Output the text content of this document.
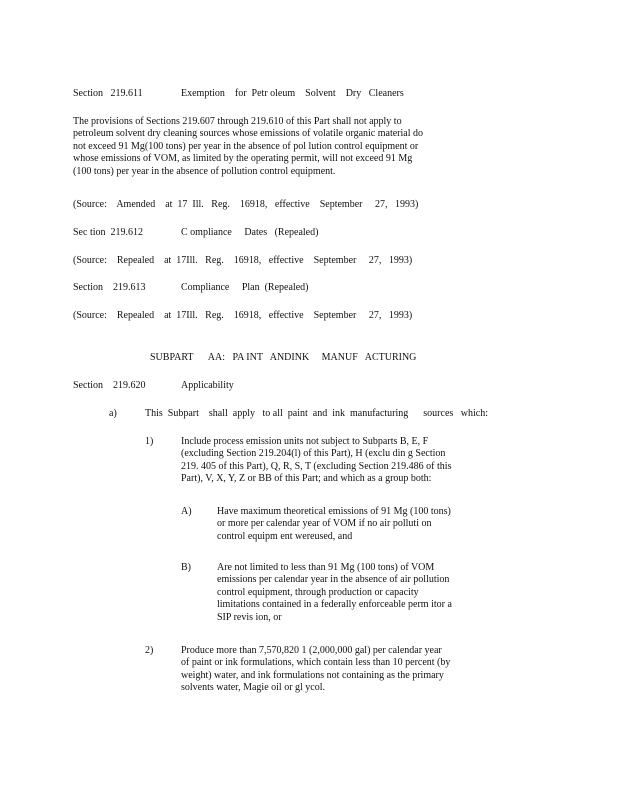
Section   219.611	Exemption    for  Petr oleum    Solvent    Dry   Cleaners
The provisions of Sections 219.607 through 219.610 of this Part shall not apply to
petroleum solvent dry cleaning sources whose emissions of volatile organic material do
not exceed 91 Mg(100 tons) per year in the absence of pol lution control equipment or
whose emissions of VOM, as limited by the operating permit, will not exceed 91 Mg
(100 tons) per year in the absence of pollution control equipment.
(Source:    Amended    at  17  Ill.   Reg.    16918,   effective    September     27,   1993)
Sec tion  219.612	C ompliance     Dates   (Repealed)
(Source:    Repealed    at  17Ill.   Reg.    16918,   effective    September     27,   1993)
Section    219.613	Compliance     Plan  (Repealed)
(Source:    Repealed    at  17Ill.   Reg.    16918,   effective    September     27,   1993)
SUBPART      AA:   PA INT   ANDINK     MANUF   ACTURING
Section    219.620	Applicability
a)	This  Subpart    shall  apply   to all  paint  and  ink  manufacturing      sources   which:
1)	Include process emission units not subject to Subparts B, E, F
(excluding Section 219.204(l) of this Part), H (exclu din g Section
219. 405 of this Part), Q, R, S, T (excluding Section 219.486 of this
Part), V, X, Y, Z or BB of this Part; and which as a group both:
A)	Have maximum theoretical emissions of 91 Mg (100 tons)
or more per calendar year of VOM if no air polluti on
control equipm ent wereused, and
B)	Are not limited to less than 91 Mg (100 tons) of VOM
emissions per calendar year in the absence of air pollution
control equipment, through production or capacity
limitations contained in a federally enforceable perm itor a
SIP revis ion, or
2)	Produce more than 7,570,820 1 (2,000,000 gal) per calendar year
of paint or ink formulations, which contain less than 10 percent (by
weight) water, and ink formulations not containing as the primary
solvents water, Magie oil or gl ycol.
